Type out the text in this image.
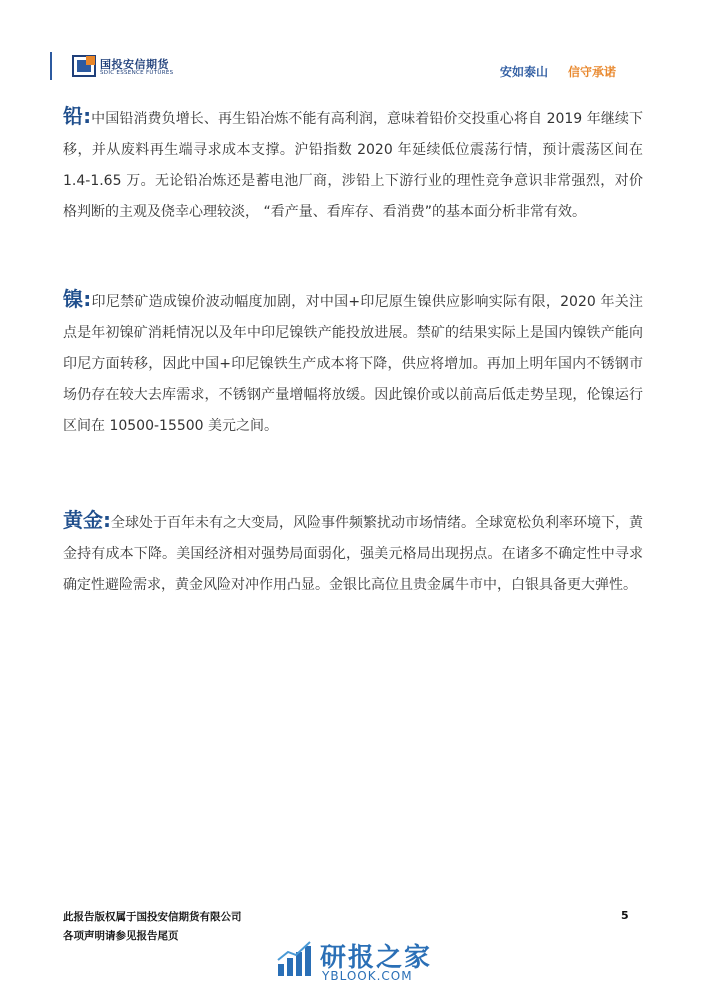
国投安信期货
SDIC ESSENCE FUTURES	安如泰山 信守承诺

铅:中国铅消费负增长、再生铅冶炼不能有高利润，意味着铅价交投重心将自 2019 年继续下移，并从废料再生端寻求成本支撑。沪铅指数 2020 年延续低位震荡行情，预计震荡区间在 1.4-1.65 万。无论铅冶炼还是蓄电池厂商，涉铅上下游行业的理性竞争意识非常强烈，对价格判断的主观及侥幸心理较淡， “看产量、看库存、看消费”的基本面分析非常有效。

镍:印尼禁矿造成镍价波动幅度加剧，对中国+印尼原生镍供应影响实际有限，2020 年关注点是年初镍矿消耗情况以及年中印尼镍铁产能投放进展。禁矿的结果实际上是国内镍铁产能向印尼方面转移，因此中国+印尼镍铁生产成本将下降，供应将增加。再加上明年国内不锈钢市场仍存在较大去库需求，不锈钢产量增幅将放缓。因此镍价或以前高后低走势呈现，伦镍运行区间在 10500-15500 美元之间。

黄金:全球处于百年未有之大变局，风险事件频繁扰动市场情绪。全球宽松负利率环境下，黄金持有成本下降。美国经济相对强势局面弱化，强美元格局出现拐点。在诸多不确定性中寻求确定性避险需求，黄金风险对冲作用凸显。金银比高位且贵金属牛市中，白银具备更大弹性。

此报告版权属于国投安信期货有限公司
各项声明请参见报告尾页
5
研报之家
YBLOOK.COM
